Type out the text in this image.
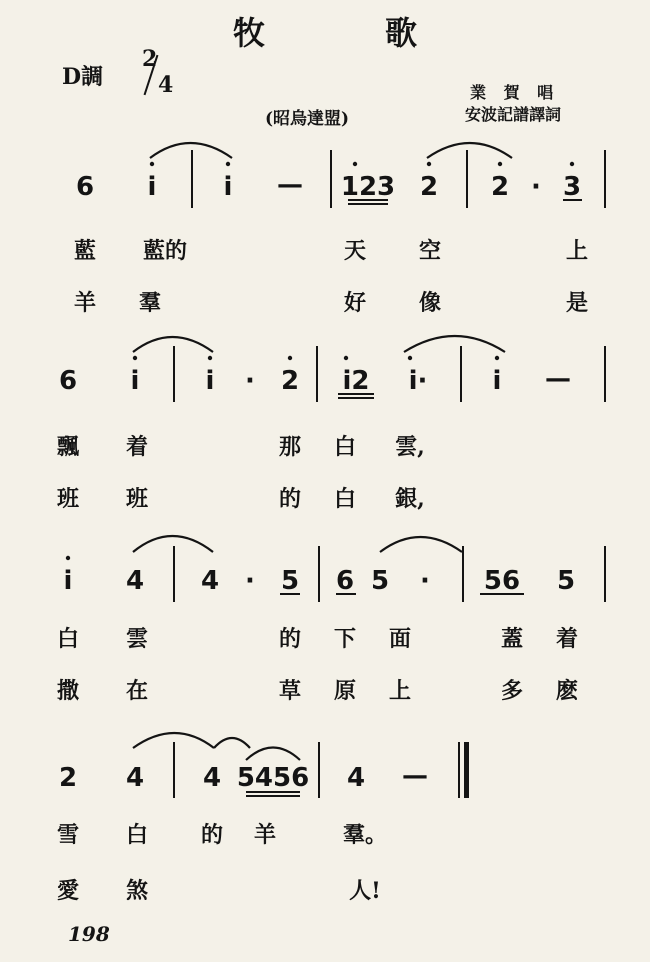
牧　歌
D調
2
4
(昭烏達盟)
業 賀 唱
安波記譜譯詞
6 i	i — 123 2 2 · 3
藍 藍的	天 空	上
羊 羣	好 像	是
6 i	i · 2 i2 i·	i —
飄 着	那 白 雲,
班 班	的 白 銀,
i 4 4 · 5 6 5 · 56 5
白 雲	的 下 面	蓋 着
撒 在	草 原 上	多 麽
2 4 4 5456 4 —
雪 白 的 羊	羣。
愛 煞	人!
198
